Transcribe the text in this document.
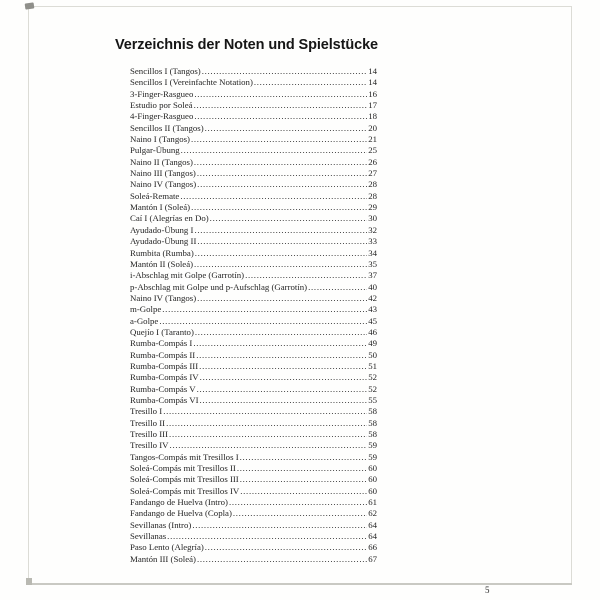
Verzeichnis der Noten und Spielstücke
Sencillos I (Tangos) .....	14
Sencillos I (Vereinfachte Notation) .....	14
3-Finger-Rasgueo .....	16
Estudio por Soleá .....	17
4-Finger-Rasgueo .....	18
Sencillos II (Tangos) .....	20
Naino I (Tangos) .....	21
Pulgar-Übung .....	25
Naino II (Tangos) .....	26
Naino III (Tangos) .....	27
Naino IV (Tangos) .....	28
Soleá-Remate .....	28
Mantón I (Soleá) .....	29
Caí I (Alegrías en Do) .....	30
Ayudado-Übung I .....	32
Ayudado-Übung II .....	33
Rumbita (Rumba) .....	34
Mantón II (Soleá) .....	35
i-Abschlag mit Golpe (Garrotín) .....	37
p-Abschlag mit Golpe und p-Aufschlag (Garrotín) .....	40
Naino IV (Tangos) .....	42
m-Golpe .....	43
a-Golpe .....	45
Quejío I (Taranto) .....	46
Rumba-Compás I .....	49
Rumba-Compás II .....	50
Rumba-Compás III .....	51
Rumba-Compás IV .....	52
Rumba-Compás V .....	52
Rumba-Compás VI .....	55
Tresillo I .....	58
Tresillo II .....	58
Tresillo III .....	58
Tresillo IV .....	59
Tangos-Compás mit Tresillos I .....	59
Soleá-Compás mit Tresillos II .....	60
Soleá-Compás mit Tresillos III .....	60
Soleá-Compás mit Tresillos IV .....	60
Fandango de Huelva (Intro) .....	61
Fandango de Huelva (Copla) .....	62
Sevillanas (Intro) .....	64
Sevillanas .....	64
Paso Lento (Alegría) .....	66
Mantón III (Soleá) .....	67
5
